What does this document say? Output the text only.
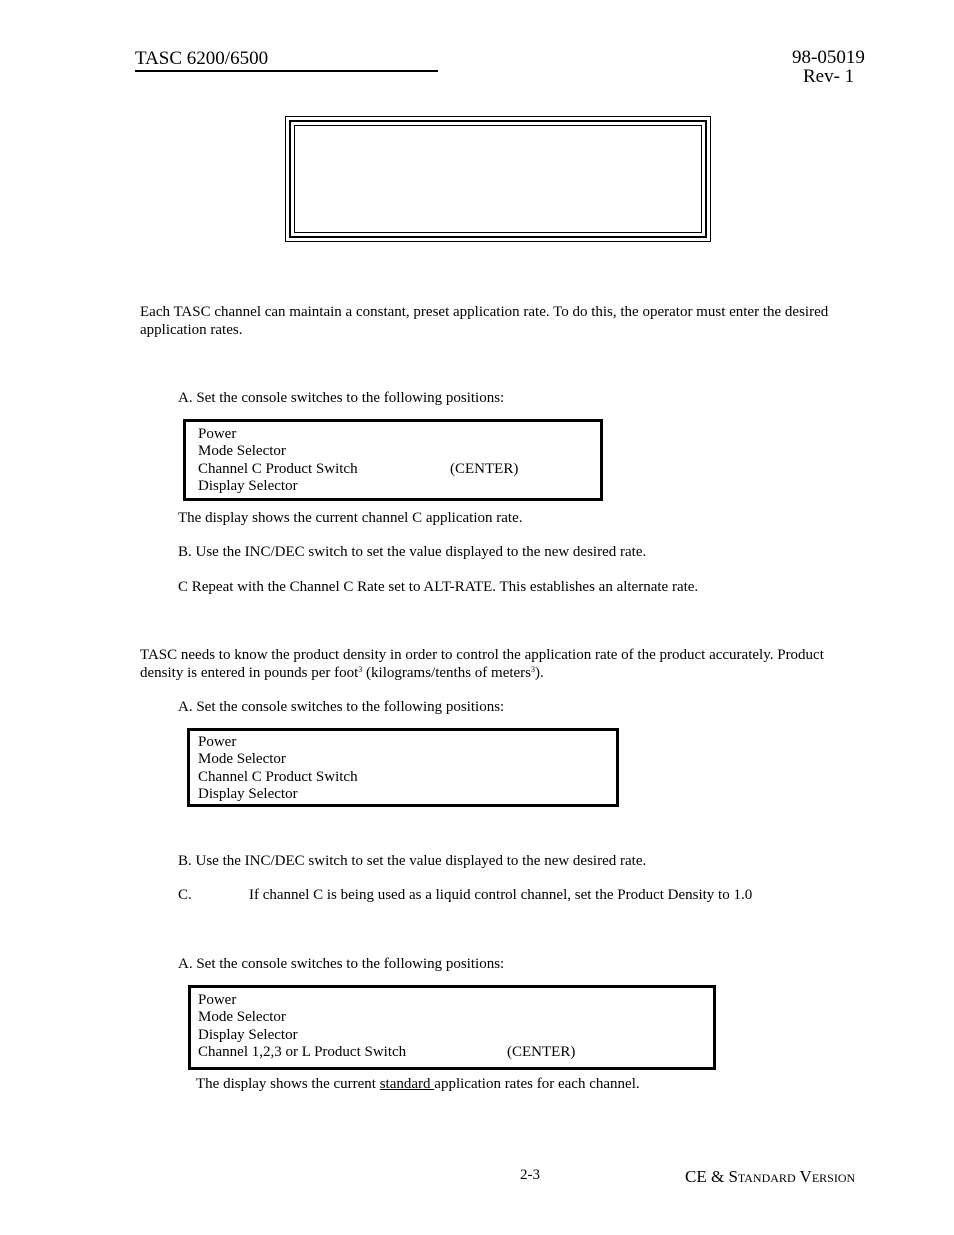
TASC 6200/6500	98-05019
Rev- 1
Each TASC channel can maintain a constant, preset application rate. To do this, the operator must enter the desired application rates.
A. Set the console switches to the following positions:
Power
Mode Selector
Channel C Product Switch	(CENTER)
Display Selector
The display shows the current channel C application rate.
B. Use the INC/DEC switch to set the value displayed to the new desired rate.
C Repeat with the Channel C Rate set to ALT-RATE. This establishes an alternate rate.
TASC needs to know the product density in order to control the application rate of the product accurately. Product density is entered in pounds per foot$^3$ (kilograms/tenths of meters$^3$).
A. Set the console switches to the following positions:
Power
Mode Selector
Channel C Product Switch
Display Selector
B. Use the INC/DEC switch to set the value displayed to the new desired rate.
C.	If channel C is being used as a liquid control channel, set the Product Density to 1.0
A. Set the console switches to the following positions:
Power
Mode Selector
Display Selector
Channel 1,2,3 or L Product Switch	(CENTER)
The display shows the current standard application rates for each channel.
2-3	CE & Standard Version
